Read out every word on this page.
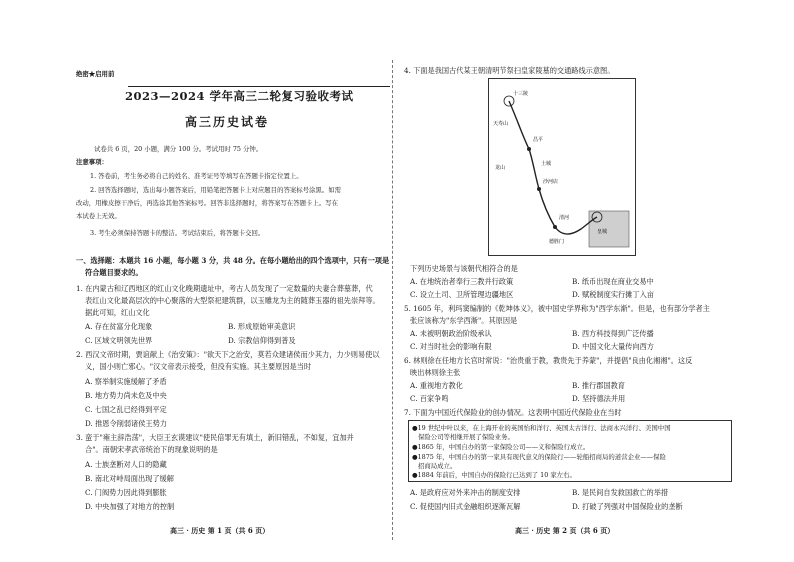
绝密★启用前
2023—2024 学年高三二轮复习验收考试
高三历史试卷
试卷共 6 页，20 小题，满分 100 分。考试用时 75 分钟。
注意事项：
1. 答卷前，考生务必将自己的姓名、准考证号等填写在答题卡指定位置上。
2. 回答选择题时，选出每小题答案后，用铅笔把答题卡上对应题目的答案标号涂黑。如需
改动，用橡皮擦干净后，再选涂其他答案标号。回答非选择题时，将答案写在答题卡上。写在
本试卷上无效。
3. 考生必须保持答题卡的整洁。考试结束后，将答题卡交回。
一、选择题：本题共 16 小题，每小题 3 分，共 48 分。在每小题给出的四个选项中，只有一项是
符合题目要求的。
1. 在内蒙古和辽西地区的红山文化晚期遗址中，考古人员发现了一定数量的夫妻合葬墓葬，代
表红山文化最高层次的中心聚落的大型祭祀建筑群，以玉雕龙为主的随葬玉器的祖先崇拜等。
据此可知，红山文化
A. 存在贫富分化现象	B. 形成原始审美意识
C. 区域文明领先世界	D. 宗教信仰得到普及
2. 西汉文帝时期，贾谊献上《治安策》："欲天下之治安，莫若众建诸侯而少其力，力少则易使以
义，国小则亡邪心。"汉文帝表示接受，但没有实施。其主要原因是当时
A. 察举制实施缓解了矛盾
B. 地方势力尚未危及中央
C. 七国之乱已经得到平定
D. 推恩令削弱诸侯王势力
3. 蛮于"雍主辞浩荡"，大臣王玄谟建议"使民倍罪无有填土，新旧错乱，不如复，宜加并
合"。南朝宋孝武帝统治下的现象说明的是
A. 士族垄断对人口的隐藏
B. 南北对峙局面出现了缓解
C. 门阀势力因此得到膨胀
D. 中央加强了对地方的控制
高三 · 历史 第 1 页（共 6 页）
4. 下面是我国古代某王朝清明节祭扫皇家陵墓的交通路线示意图。
天寿山
昌平
十三陵
土城
沙河店
龙山
清河
德胜门
皇城
下列历史场景与该朝代相符合的是
A. 在地统治者奉行三教并行政策	B. 纸币出现在商业交易中
C. 设立土司、卫所管理边疆地区	D. 赋税制度实行摊丁入亩
5. 1605 年，利玛窦编制的《乾坤体义》，被中国史学界称为"西学东渐"。但是，也有部分学者主
张应该称为"东学西渐"。其原因是
A. 未被明朝政治阶级承认	B. 西方科技得到广泛传播
C. 对当时社会的影响有限	D. 中国文化大量传向西方
6. 林则徐在任地方长官时常说："治贵重于教，教贵先于养蒙"，并提倡"良由化湘湘"。这反
映出林则徐主张
A. 重视地方教化	B. 推行郡国教育
C. 百家争鸣	D. 坚持德法并用
7. 下面为中国近代保险业的创办情况。这表明中国近代保险业在当时
●19 世纪中叶以来，在上海开业的英国怡和洋行、英国太古洋行、法商永兴洋行、美国中国
保险公司等相继开展了保险业务。
●1865 年，中国自办的第一家保险公司——义和保险行成立。
●1875 年，中国自办的第一家具有现代意义的保险行——轮船招商局的道营企业——保险
招商局成立。
●1884 年前后，中国自办的保险行已达到了 10 家左右。
A. 是政府应对外来冲击的制度安排	B. 是民间自发救国救亡的举措
C. 促使国内旧式金融组织逐渐瓦解	D. 打破了列强对中国保险业的垄断
高三 · 历史 第 2 页（共 6 页）
